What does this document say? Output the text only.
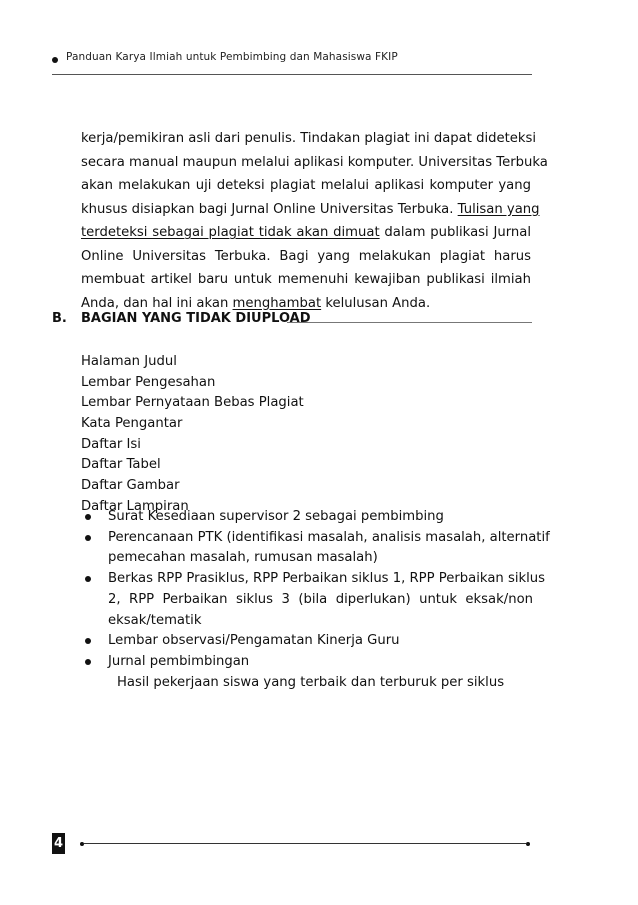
Panduan Karya Ilmiah untuk Pembimbing dan Mahasiswa FKIP
kerja/pemikiran asli dari penulis. Tindakan plagiat ini dapat dideteksi
secara manual maupun melalui aplikasi komputer. Universitas Terbuka
akan melakukan uji deteksi plagiat melalui aplikasi komputer yang
khusus disiapkan bagi Jurnal Online Universitas Terbuka. Tulisan yang
terdeteksi sebagai plagiat tidak akan dimuat dalam publikasi Jurnal
Online Universitas Terbuka. Bagi yang melakukan plagiat harus
membuat artikel baru untuk memenuhi kewajiban publikasi ilmiah
Anda, dan hal ini akan menghambat kelulusan Anda.
B. BAGIAN YANG TIDAK DIUPLOAD
Halaman Judul
Lembar Pengesahan
Lembar Pernyataan Bebas Plagiat
Kata Pengantar
Daftar Isi
Daftar Tabel
Daftar Gambar
Daftar Lampiran
Surat Kesediaan supervisor 2 sebagai pembimbing
Perencanaan PTK (identifikasi masalah, analisis masalah, alternatif
pemecahan masalah, rumusan masalah)
Berkas RPP Prasiklus, RPP Perbaikan siklus 1, RPP Perbaikan siklus
2, RPP Perbaikan siklus 3 (bila diperlukan) untuk eksak/non
eksak/tematik
Lembar observasi/Pengamatan Kinerja Guru
Jurnal pembimbingan
Hasil pekerjaan siswa yang terbaik dan terburuk per siklus
4
